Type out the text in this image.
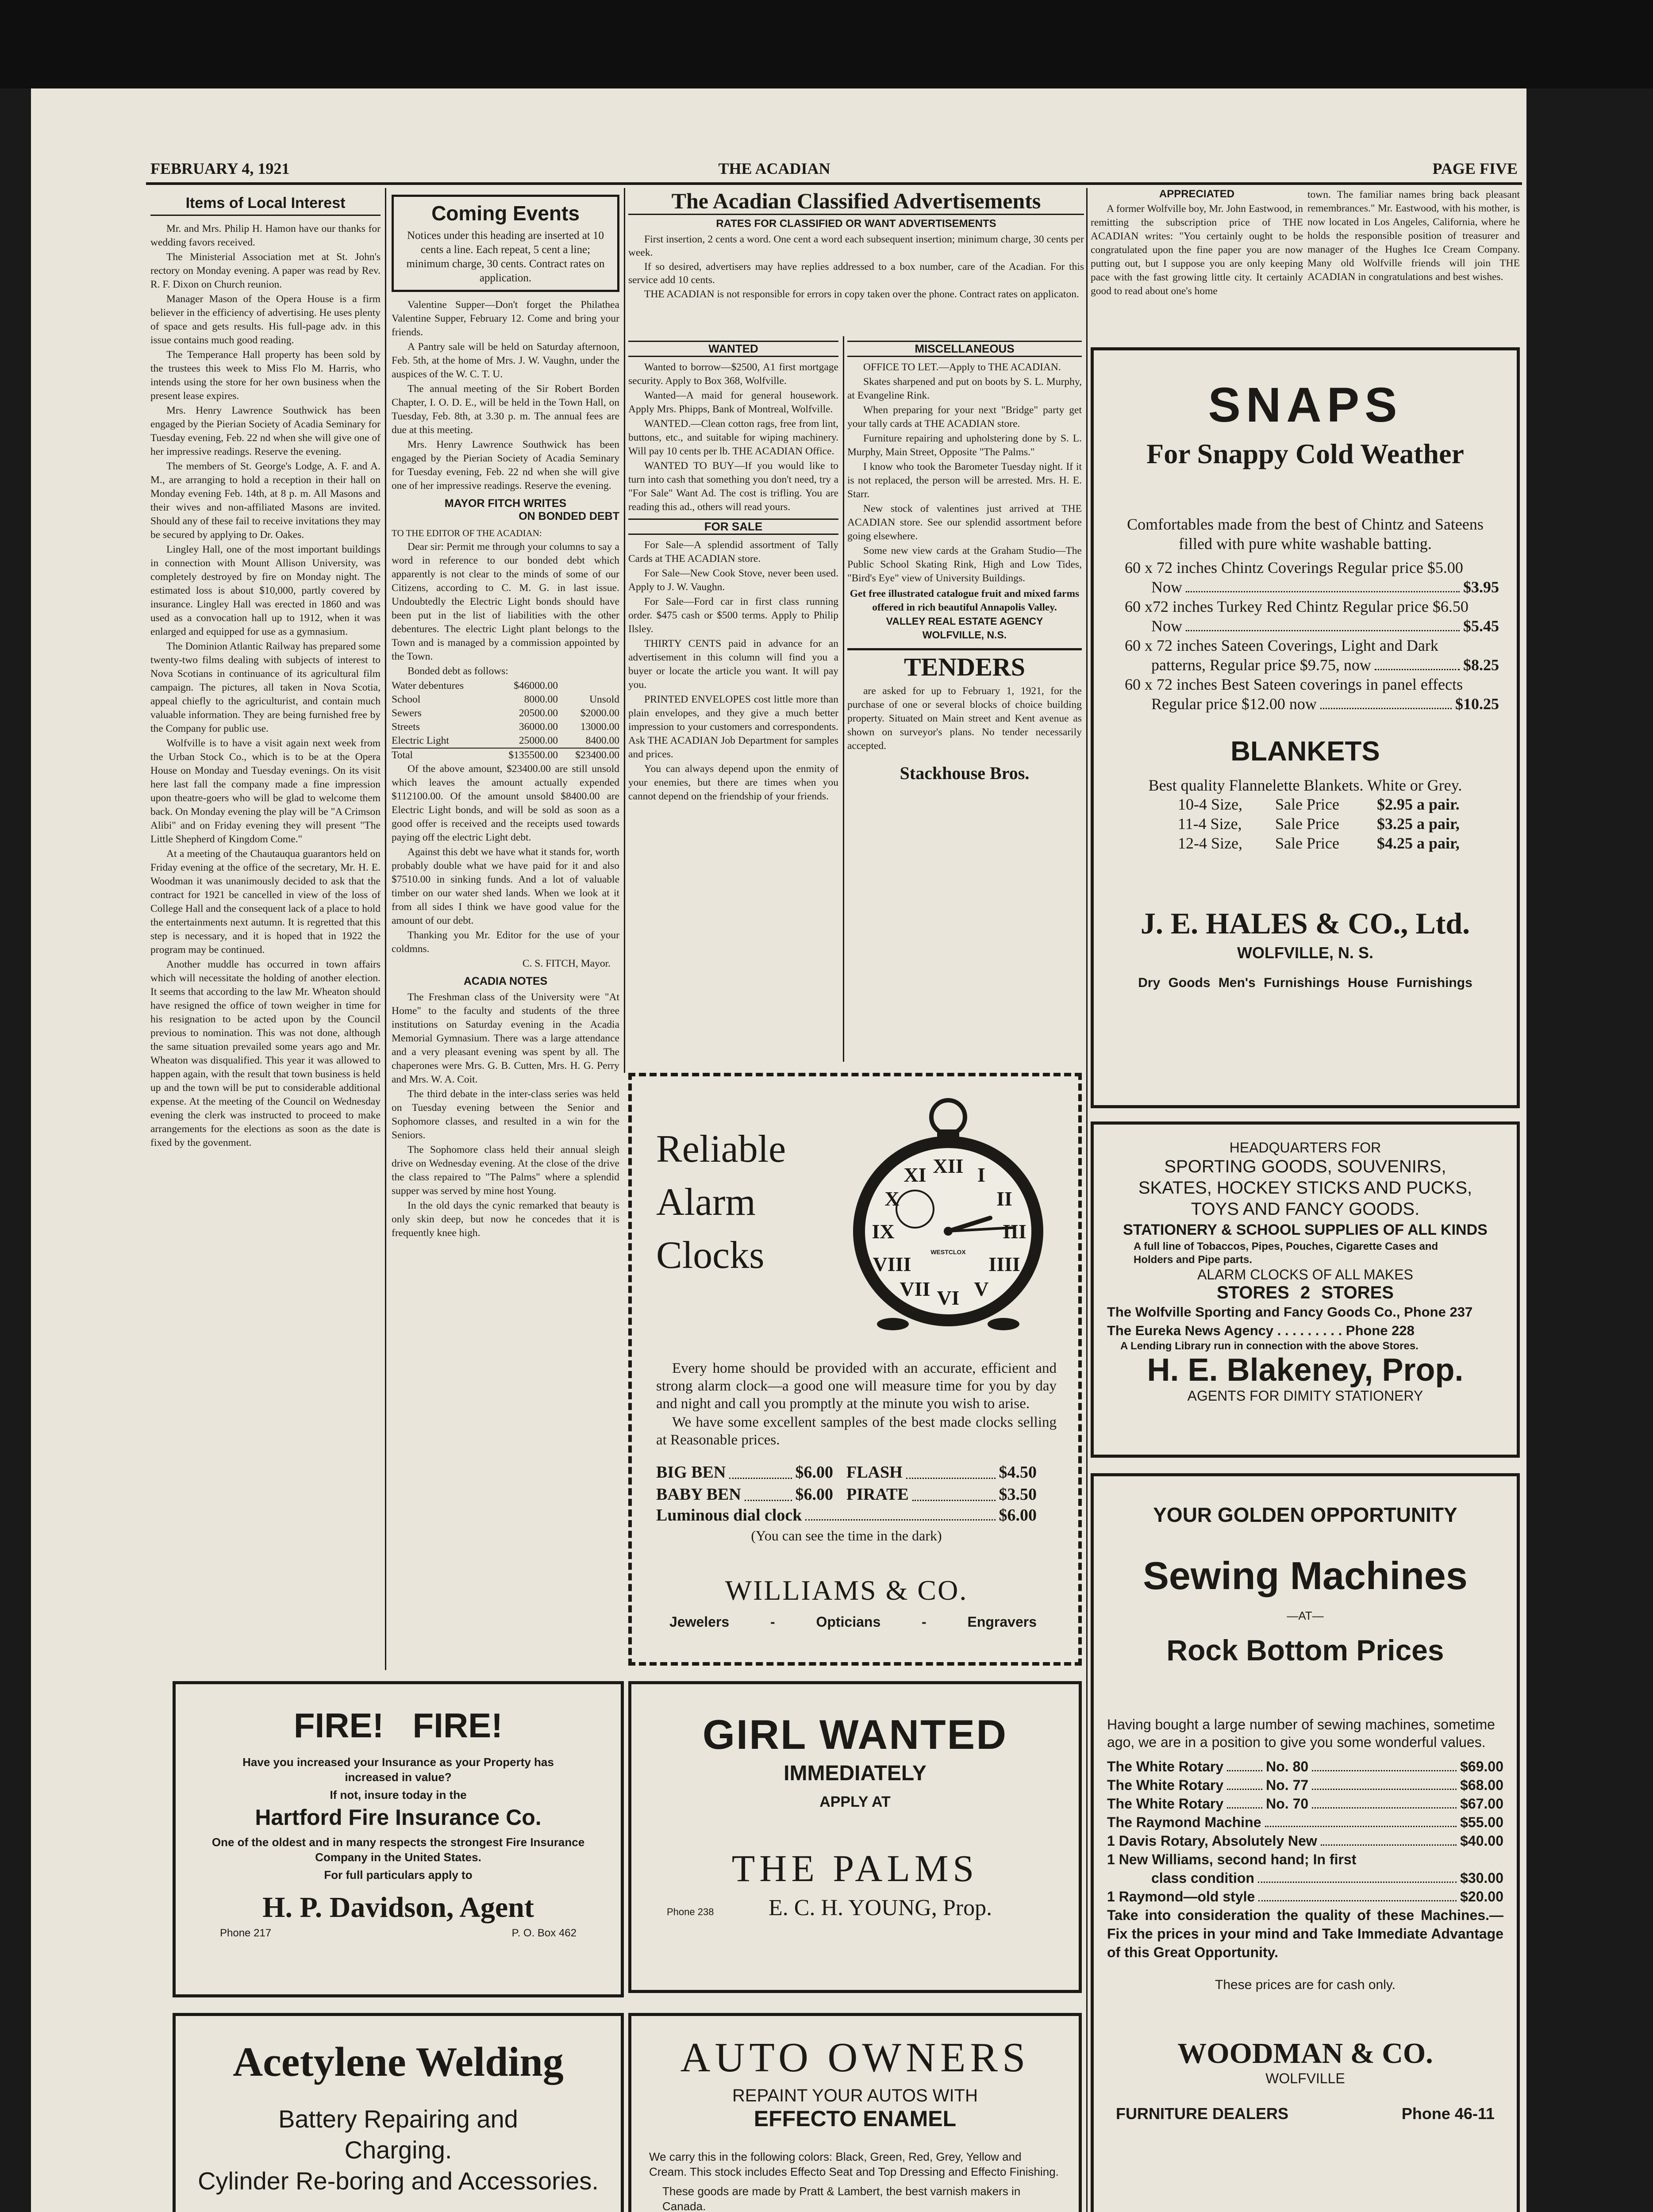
FEBRUARY 4, 1921	THE ACADIAN	PAGE FIVE
Items of Local Interest

Mr. and Mrs. Philip H. Hamon have our thanks for wedding favors received.

The Ministerial Association met at St. John's rectory on Monday evening. A paper was read by Rev. R. F. Dixon on Church reunion.

Manager Mason of the Opera House is a firm believer in the efficiency of advertising. He uses plenty of space and gets results. His full-page adv. in this issue contains much good reading.

The Temperance Hall property has been sold by the trustees this week to Miss Flo M. Harris, who intends using the store for her own business when the present lease expires.

Mrs. Henry Lawrence Southwick has been engaged by the Pierian Society of Acadia Seminary for Tuesday evening, Feb. 22 nd when she will give one of her impressive readings. Reserve the evening.

The members of St. George's Lodge, A. F. and A. M., are arranging to hold a reception in their hall on Monday evening Feb. 14th, at 8 p. m. All Masons and their wives and non-affiliated Masons are invited. Should any of these fail to receive invitations they may be secured by applying to Dr. Oakes.

Lingley Hall, one of the most important buildings in connection with Mount Allison University, was completely destroyed by fire on Monday night. The estimated loss is about $10,000, partly covered by insurance. Lingley Hall was erected in 1860 and was used as a convocation hall up to 1912, when it was enlarged and equipped for use as a gymnasium.

The Dominion Atlantic Railway has prepared some twenty-two films dealing with subjects of interest to Nova Scotians in continuance of its agricultural film campaign. The pictures, all taken in Nova Scotia, appeal chiefly to the agriculturist, and contain much valuable information. They are being furnished free by the Company for public use.

Wolfville is to have a visit again next week from the Urban Stock Co., which is to be at the Opera House on Monday and Tuesday evenings. On its visit here last fall the company made a fine impression upon theatre-goers who will be glad to welcome them back. On Monday evening the play will be "A Crimson Alibi" and on Friday evening they will present "The Little Shepherd of Kingdom Come."

At a meeting of the Chautauqua guarantors held on Friday evening at the office of the secretary, Mr. H. E. Woodman it was unanimously decided to ask that the contract for 1921 be cancelled in view of the loss of College Hall and the consequent lack of a place to hold the entertainments next autumn. It is regretted that this step is necessary, and it is hoped that in 1922 the program may be continued.

Another muddle has occurred in town affairs which will necessitate the holding of another election. It seems that according to the law Mr. Wheaton should have resigned the office of town weigher in time for his resignation to be acted upon by the Council previous to nomination. This was not done, although the same situation prevailed some years ago and Mr. Wheaton was disqualified. This year it was allowed to happen again, with the result that town business is held up and the town will be put to considerable additional expense. At the meeting of the Council on Wednesday evening the clerk was instructed to proceed to make arrangements for the elections as soon as the date is fixed by the govenment.

Coming Events
Notices under this heading are inserted at 10 cents a line. Each repeat, 5 cent a line; minimum charge, 30 cents. Contract rates on application.

Valentine Supper—Don't forget the Philathea Valentine Supper, February 12. Come and bring your friends.

A Pantry sale will be held on Saturday afternoon, Feb. 5th, at the home of Mrs. J. W. Vaughn, under the auspices of the W. C. T. U.

The annual meeting of the Sir Robert Borden Chapter, I. O. D. E., will be held in the Town Hall, on Tuesday, Feb. 8th, at 3.30 p. m. The annual fees are due at this meeting.

Mrs. Henry Lawrence Southwick has been engaged by the Pierian Society of Acadia Seminary for Tuesday evening, Feb. 22 nd when she will give one of her impressive readings. Reserve the evening.

MAYOR FITCH WRITES
ON BONDED DEBT
TO THE EDITOR OF THE ACADIAN:

Dear sir: Permit me through your columns to say a word in reference to our bonded debt which apparently is not clear to the minds of some of our Citizens, according to C. M. G. in last issue. Undoubtedly the Electric Light bonds should have been put in the list of liabilities with the other debentures. The electric Light plant belongs to the Town and is managed by a commission appointed by the Town.

Bonded debt as follows:

Water debentures	$46000.00
School	8000.00	Unsold
Sewers	20500.00	$2000.00
Streets	36000.00	13000.00
Electric Light	25000.00	8400.00
Total	$135500.00	$23400.00

Of the above amount, $23400.00 are still unsold which leaves the amount actually expended $112100.00. Of the amount unsold $8400.00 are Electric Light bonds, and will be sold as soon as a good offer is received and the receipts used towards paying off the electric Light debt.

Against this debt we have what it stands for, worth probably double what we have paid for it and also $7510.00 in sinking funds. And a lot of valuable timber on our water shed lands. When we look at it from all sides I think we have good value for the amount of our debt.

Thanking you Mr. Editor for the use of your coldmns.

C. S. FITCH, Mayor.
ACADIA NOTES

The Freshman class of the University were "At Home" to the faculty and students of the three institutions on Saturday evening in the Acadia Memorial Gymnasium. There was a large attendance and a very pleasant evening was spent by all. The chaperones were Mrs. G. B. Cutten, Mrs. H. G. Perry and Mrs. W. A. Coit.

The third debate in the inter-class series was held on Tuesday evening between the Senior and Sophomore classes, and resulted in a win for the Seniors.

The Sophomore class held their annual sleigh drive on Wednesday evening. At the close of the drive the class repaired to "The Palms" where a splendid supper was served by mine host Young.

In the old days the cynic remarked that beauty is only skin deep, but now he concedes that it is frequently knee high.

The Acadian Classified Advertisements
RATES FOR CLASSIFIED OR WANT ADVERTISEMENTS

First insertion, 2 cents a word. One cent a word each subsequent insertion; minimum charge, 30 cents per week.

If so desired, advertisers may have replies addressed to a box number, care of the Acadian. For this service add 10 cents.

THE ACADIAN is not responsible for errors in copy taken over the phone. Contract rates on applicaton.

WANTED

Wanted to borrow—$2500, A1 first mortgage security. Apply to Box 368, Wolfville.

Wanted—A maid for general housework. Apply Mrs. Phipps, Bank of Montreal, Wolfville.

WANTED.—Clean cotton rags, free from lint, buttons, etc., and suitable for wiping machinery. Will pay 10 cents per lb. THE ACADIAN Office.

WANTED TO BUY—If you would like to turn into cash that something you don't need, try a "For Sale" Want Ad. The cost is trifling. You are reading this ad., others will read yours.

FOR SALE

For Sale—A splendid assortment of Tally Cards at THE ACADIAN store.

For Sale—New Cook Stove, never been used. Apply to J. W. Vaughn.

For Sale—Ford car in first class running order. $475 cash or $500 terms. Apply to Philip Ilsley.

THIRTY CENTS paid in advance for an advertisement in this column will find you a buyer or locate the article you want. It will pay you.

PRINTED ENVELOPES cost little more than plain envelopes, and they give a much better impression to your customers and correspondents. Ask THE ACADIAN Job Department for samples and prices.

You can always depend upon the enmity of your enemies, but there are times when you cannot depend on the friendship of your friends.

MISCELLANEOUS

OFFICE TO LET.—Apply to THE ACADIAN.

Skates sharpened and put on boots by S. L. Murphy, at Evangeline Rink.

When preparing for your next "Bridge" party get your tally cards at THE ACADIAN store.

Furniture repairing and upholstering done by S. L. Murphy, Main Street, Opposite "The Palms."

I know who took the Barometer Tuesday night. If it is not replaced, the person will be arrested. Mrs. H. E. Starr.

New stock of valentines just arrived at THE ACADIAN store. See our splendid assortment before going elsewhere.

Some new view cards at the Graham Studio—The Public School Skating Rink, High and Low Tides, "Bird's Eye" view of University Buildings.

Get free illustrated catalogue fruit and mixed farms offered in rich beautiful Annapolis Valley.
VALLEY REAL ESTATE AGENCY
WOLFVILLE, N.S.
TENDERS
are asked for up to February 1, 1921, for the purchase of one or several blocks of choice building property. Situated on Main street and Kent avenue as shown on surveyor's plans. No tender necessarily accepted.
Stackhouse Bros.
APPRECIATED
A former Wolfville boy, Mr. John Eastwood, in remitting the subscription price of THE ACADIAN writes: "You certainly ought to be congratulated upon the fine paper you are now putting out, but I suppose you are only keeping pace with the fast growing little city. It certainly good to read about one's home
town. The familiar names bring back pleasant remembrances." Mr. Eastwood, with his mother, is now located in Los Angeles, California, where he holds the responsible position of treasurer and manager of the Hughes Ice Cream Company. Many old Wolfville friends will join THE ACADIAN in congratulations and best wishes.
SNAPS
For Snappy Cold Weather
Comfortables made from the best of Chintz and Sateens filled with pure white washable batting.
60 x 72 inches Chintz Coverings Regular price $5.00
Now	$3.95
60 x72 inches Turkey Red Chintz Regular price $6.50
Now	$5.45
60 x 72 inches Sateen Coverings, Light and Dark
patterns, Regular price $9.75, now	$8.25
60 x 72 inches Best Sateen coverings in panel effects
Regular price $12.00 now	$10.25
BLANKETS
Best quality Flannelette Blankets. White or Grey.
10-4 Size,	Sale Price	$2.95 a pair.
11-4 Size,	Sale Price	$3.25 a pair,
12-4 Size,	Sale Price	$4.25 a pair,
J. E. HALES & CO., Ltd.
WOLFVILLE, N. S.
Dry Goods Men's Furnishings House Furnishings
HEADQUARTERS FOR
SPORTING GOODS, SOUVENIRS,
SKATES, HOCKEY STICKS AND PUCKS,
TOYS AND FANCY GOODS.
STATIONERY & SCHOOL SUPPLIES OF ALL KINDS
A full line of Tobaccos, Pipes, Pouches, Cigarette Cases and Holders and Pipe parts.
ALARM CLOCKS OF ALL MAKES
STORES 2 STORES
The Wolfville Sporting and Fancy Goods Co., Phone 237
The Eureka News Agency . . . . . . . . . Phone 228
A Lending Library run in connection with the above Stores.
H. E. Blakeney, Prop.
AGENTS FOR DIMITY STATIONERY
Reliable
Alarm
Clocks
XII I
II
III
IIII
V
VI
VII
VIII
IX
X
XI
WESTCLOX

Every home should be provided with an accurate, efficient and strong alarm clock—a good one will measure time for you by day and night and call you promptly at the minute you wish to arise.

We have some excellent samples of the best made clocks selling at Reasonable prices.

BIG BEN	$6.00 FLASH	$4.50
BABY BEN	$6.00 PIRATE	$3.50
Luminous dial clock	$6.00
(You can see the time in the dark)
WILLIAMS & CO.
Jewelers	-	Opticians	-	Engravers
YOUR GOLDEN OPPORTUNITY
Sewing Machines
—AT—
Rock Bottom Prices
Having bought a large number of sewing machines, sometime ago, we are in a position to give you some wonderful values.
The White Rotary	No. 80	$69.00
The White Rotary	No. 77	$68.00
The White Rotary	No. 70	$67.00
The Raymond Machine	$55.00
1 Davis Rotary, Absolutely New	$40.00
1 New Williams, second hand; In first
class condition	$30.00
1 Raymond—old style	$20.00
Take into consideration the quality of these Machines.— Fix the prices in your mind and Take Immediate Advantage of this Great Opportunity.
These prices are for cash only.
WOODMAN & CO.
WOLFVILLE
FURNITURE DEALERS	Phone 46-11
FIRE!   FIRE!
Have you increased your Insurance as your Property has increased in value?
If not, insure today in the
Hartford Fire Insurance Co.
One of the oldest and in many respects the strongest Fire Insurance Company in the United States.
For full particulars apply to
H. P. Davidson, Agent
Phone 217	P. O. Box 462
GIRL WANTED
IMMEDIATELY
APPLY AT
THE PALMS
Phone 238	E. C. H. YOUNG, Prop.
Acetylene Welding
Battery Repairing and
Charging.
Cylinder Re-boring and Accessories.
AUTO OWNERS
REPAINT YOUR AUTOS WITH
EFFECTO ENAMEL
We carry this in the following colors: Black, Green, Red, Grey, Yellow and Cream. This stock includes Effecto Seat and Top Dressing and Effecto Finishing.
These goods are made by Pratt & Lambert, the best varnish makers in Canada.
